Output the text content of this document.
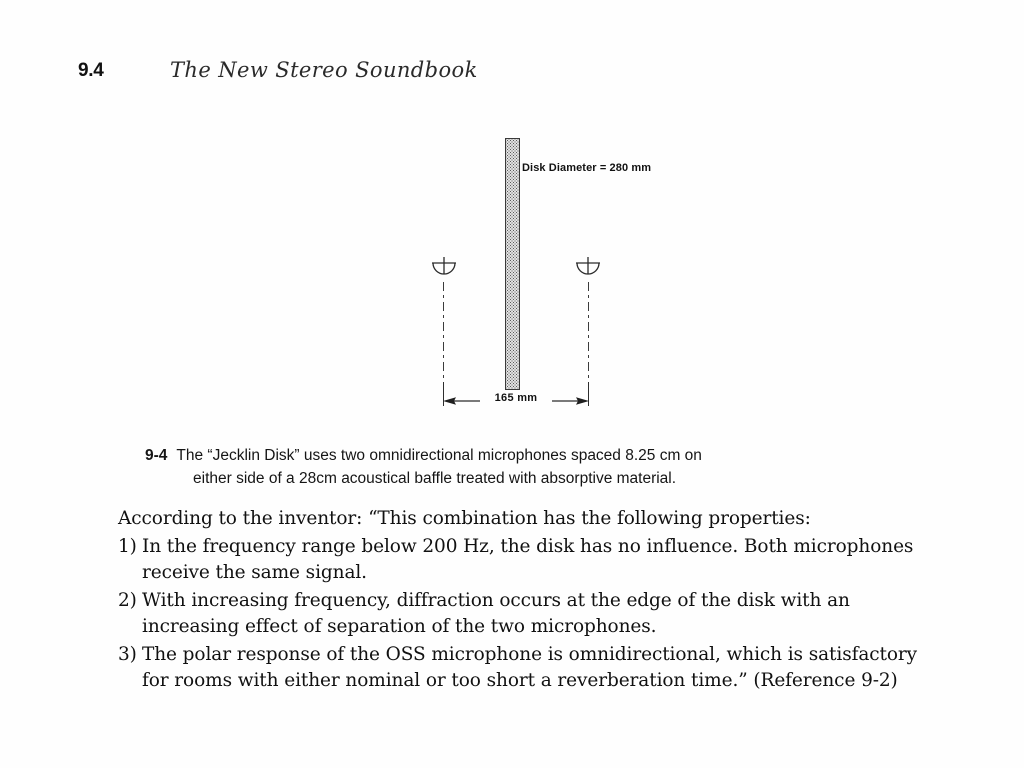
9.4	The New Stereo Soundbook
Disk Diameter = 280 mm
165 mm
9-4 The “Jecklin Disk” uses two omnidirectional microphones spaced 8.25 cm on
either side of a 28cm acoustical baffle treated with absorptive material.

According to the inventor: “This combination has the following properties:

1) In the frequency range below 200 Hz, the disk has no influence. Both microphones receive the same signal.
2) With increasing frequency, diffraction occurs at the edge of the disk with an increasing effect of separation of the two microphones.
3) The polar response of the OSS microphone is omnidirectional, which is satisfactory for rooms with either nominal or too short a reverberation time.” (Reference 9-2)
